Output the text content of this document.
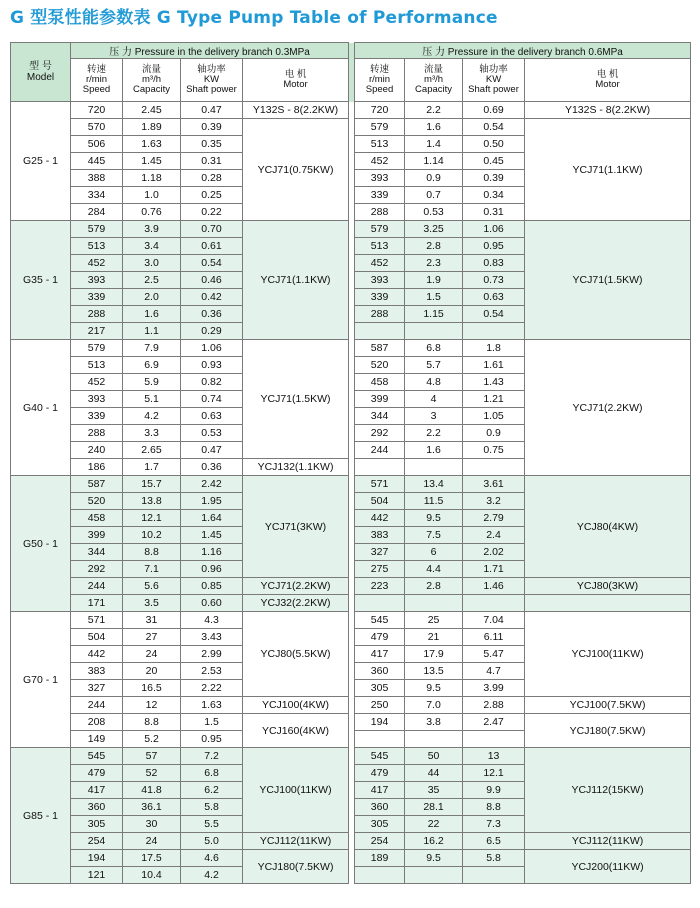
G 型泵性能参数表 G Type Pump Table of Performance
型 号
Model	压 力 Pressure in the delivery branch 0.3MPa					压 力 Pressure in the delivery branch 0.6MPa			

	转速
r/min
Speed	流量
m³/h
Capacity	轴功率
KW
Shaft power	电 机
Motor		转速
r/min
Speed	流量
m³/h
Capacity	轴功率
KW
Shaft power	电 机
Motor

G25 - 1	720	2.45	0.47	Y132S - 8(2.2KW)		720	2.2	0.69	Y132S - 8(2.2KW)
	570	1.89	0.39	YCJ71(0.75KW)		579	1.6	0.54	YCJ71(1.1KW)
	506	1.63	0.35			513	1.4	0.50	
	445	1.45	0.31			452	1.14	0.45	
	388	1.18	0.28			393	0.9	0.39	
	334	1.0	0.25			339	0.7	0.34	
	284	0.76	0.22			288	0.53	0.31	
G35 - 1	579	3.9	0.70	YCJ71(1.1KW)		579	3.25	1.06	YCJ71(1.5KW)
	513	3.4	0.61			513	2.8	0.95	
	452	3.0	0.54			452	2.3	0.83	
	393	2.5	0.46			393	1.9	0.73	
	339	2.0	0.42			339	1.5	0.63	
	288	1.6	0.36			288	1.15	0.54	
	217	1.1	0.29						
G40 - 1	579	7.9	1.06	YCJ71(1.5KW)		587	6.8	1.8	YCJ71(2.2KW)
	513	6.9	0.93			520	5.7	1.61	
	452	5.9	0.82			458	4.8	1.43	
	393	5.1	0.74			399	4	1.21	
	339	4.2	0.63			344	3	1.05	
	288	3.3	0.53			292	2.2	0.9	
	240	2.65	0.47			244	1.6	0.75	
	186	1.7	0.36	YCJ132(1.1KW)					
G50 - 1	587	15.7	2.42	YCJ71(3KW)		571	13.4	3.61	YCJ80(4KW)
	520	13.8	1.95			504	11.5	3.2	
	458	12.1	1.64			442	9.5	2.79	
	399	10.2	1.45			383	7.5	2.4	
	344	8.8	1.16			327	6	2.02	
	292	7.1	0.96			275	4.4	1.71	
	244	5.6	0.85	YCJ71(2.2KW)		223	2.8	1.46	YCJ80(3KW)
	171	3.5	0.60	YCJ32(2.2KW)					
G70 - 1	571	31	4.3	YCJ80(5.5KW)		545	25	7.04	YCJ100(11KW)
	504	27	3.43			479	21	6.11	
	442	24	2.99			417	17.9	5.47	
	383	20	2.53			360	13.5	4.7	
	327	16.5	2.22			305	9.5	3.99	
	244	12	1.63	YCJ100(4KW)		250	7.0	2.88	YCJ100(7.5KW)
	208	8.8	1.5	YCJ160(4KW)		194	3.8	2.47	YCJ180(7.5KW)
	149	5.2	0.95						
G85 - 1	545	57	7.2	YCJ100(11KW)		545	50	13	YCJ112(15KW)
	479	52	6.8			479	44	12.1	
	417	41.8	6.2			417	35	9.9	
	360	36.1	5.8			360	28.1	8.8	
	305	30	5.5			305	22	7.3	
	254	24	5.0	YCJ112(11KW)		254	16.2	6.5	YCJ112(11KW)
	194	17.5	4.6	YCJ180(7.5KW)		189	9.5	5.8	YCJ200(11KW)
	121	10.4	4.2						
